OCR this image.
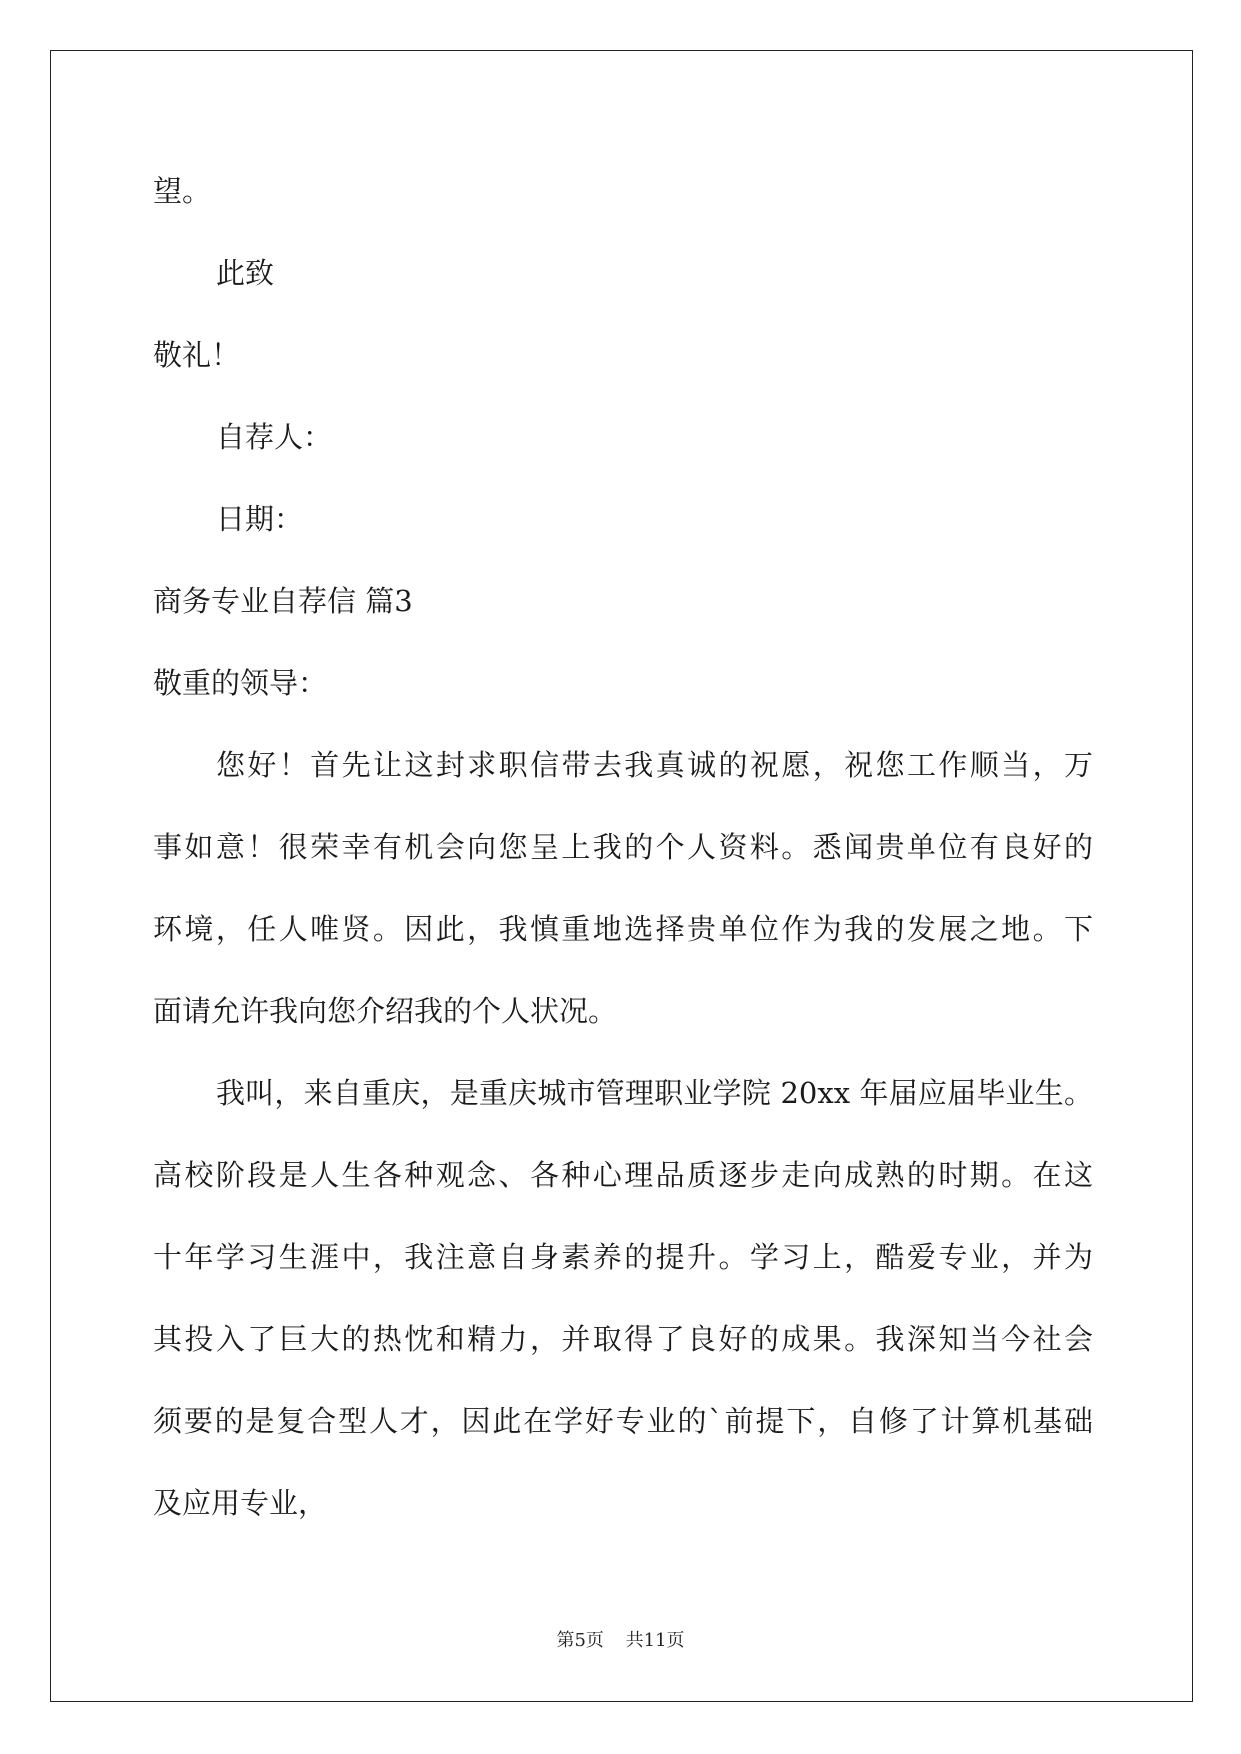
望。
此致
敬礼！
自荐人：
日期：
商务专业自荐信 篇3
敬重的领导：
您好！首先让这封求职信带去我真诚的祝愿，祝您工作顺当，万
事如意！很荣幸有机会向您呈上我的个人资料。悉闻贵单位有良好的
环境，任人唯贤。因此，我慎重地选择贵单位作为我的发展之地。下
面请允许我向您介绍我的个人状况。
我叫，来自重庆，是重庆城市管理职业学院 20xx 年届应届毕业生。
高校阶段是人生各种观念、各种心理品质逐步走向成熟的时期。在这
十年学习生涯中，我注意自身素养的提升。学习上，酷爱专业，并为
其投入了巨大的热忱和精力，并取得了良好的成果。我深知当今社会
须要的是复合型人才，因此在学好专业的`前提下，自修了计算机基础
及应用专业，
第5页 共11页
